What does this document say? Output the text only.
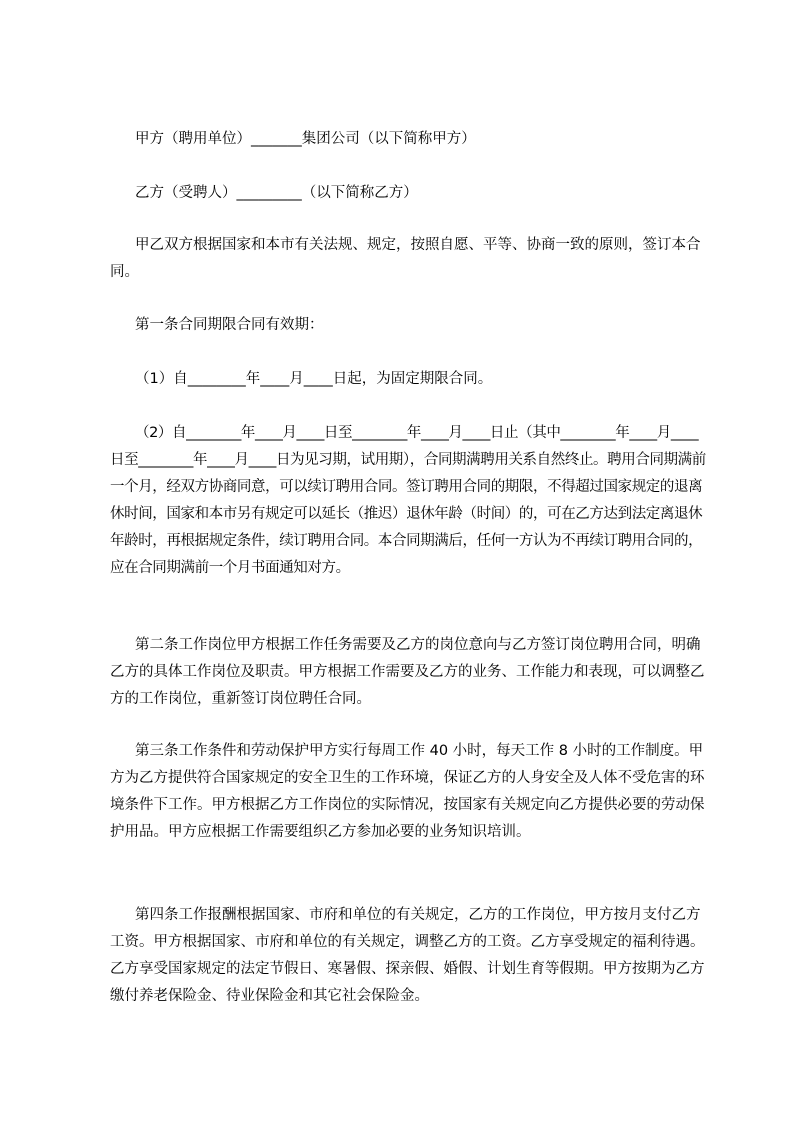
甲方（聘用单位）_______集团公司（以下简称甲方）

乙方（受聘人）_________（以下简称乙方）

甲乙双方根据国家和本市有关法规、规定，按照自愿、平等、协商一致的原则，签订本合同。

第一条合同期限合同有效期：

（1）自________年____月____日起，为固定期限合同。

（2）自________年____月____日至________年____月____日止（其中________年____月____日至________年____月____日为见习期，试用期），合同期满聘用关系自然终止。聘用合同期满前一个月，经双方协商同意，可以续订聘用合同。签订聘用合同的期限，不得超过国家规定的退离休时间，国家和本市另有规定可以延长（推迟）退休年龄（时间）的，可在乙方达到法定离退休年龄时，再根据规定条件，续订聘用合同。本合同期满后，任何一方认为不再续订聘用合同的，应在合同期满前一个月书面通知对方。

第二条工作岗位甲方根据工作任务需要及乙方的岗位意向与乙方签订岗位聘用合同，明确乙方的具体工作岗位及职责。甲方根据工作需要及乙方的业务、工作能力和表现，可以调整乙方的工作岗位，重新签订岗位聘任合同。

第三条工作条件和劳动保护甲方实行每周工作 40 小时，每天工作 8 小时的工作制度。甲方为乙方提供符合国家规定的安全卫生的工作环境，保证乙方的人身安全及人体不受危害的环境条件下工作。甲方根据乙方工作岗位的实际情况，按国家有关规定向乙方提供必要的劳动保护用品。甲方应根据工作需要组织乙方参加必要的业务知识培训。

第四条工作报酬根据国家、市府和单位的有关规定，乙方的工作岗位，甲方按月支付乙方工资。甲方根据国家、市府和单位的有关规定，调整乙方的工资。乙方享受规定的福利待遇。乙方享受国家规定的法定节假日、寒暑假、探亲假、婚假、计划生育等假期。甲方按期为乙方缴付养老保险金、待业保险金和其它社会保险金。
